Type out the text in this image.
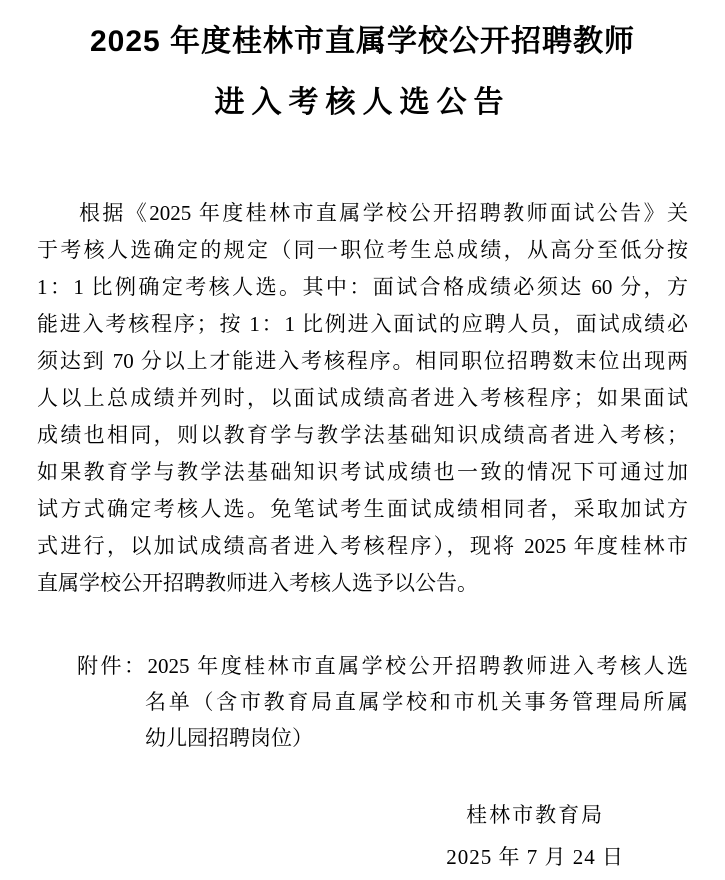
2025 年度桂林市直属学校公开招聘教师
进入考核人选公告
根据《2025 年度桂林市直属学校公开招聘教师面试公告》关
于考核人选确定的规定（同一职位考生总成绩，从高分至低分按
1：1 比例确定考核人选。其中：面试合格成绩必须达 60 分，方
能进入考核程序；按 1：1 比例进入面试的应聘人员，面试成绩必
须达到 70 分以上才能进入考核程序。相同职位招聘数末位出现两
人以上总成绩并列时，以面试成绩高者进入考核程序；如果面试
成绩也相同，则以教育学与教学法基础知识成绩高者进入考核；
如果教育学与教学法基础知识考试成绩也一致的情况下可通过加
试方式确定考核人选。免笔试考生面试成绩相同者，采取加试方
式进行，以加试成绩高者进入考核程序），现将 2025 年度桂林市
直属学校公开招聘教师进入考核人选予以公告。
附件：2025 年度桂林市直属学校公开招聘教师进入考核人选
名单（含市教育局直属学校和市机关事务管理局所属
幼儿园招聘岗位）
桂林市教育局
2025 年 7 月 24 日
